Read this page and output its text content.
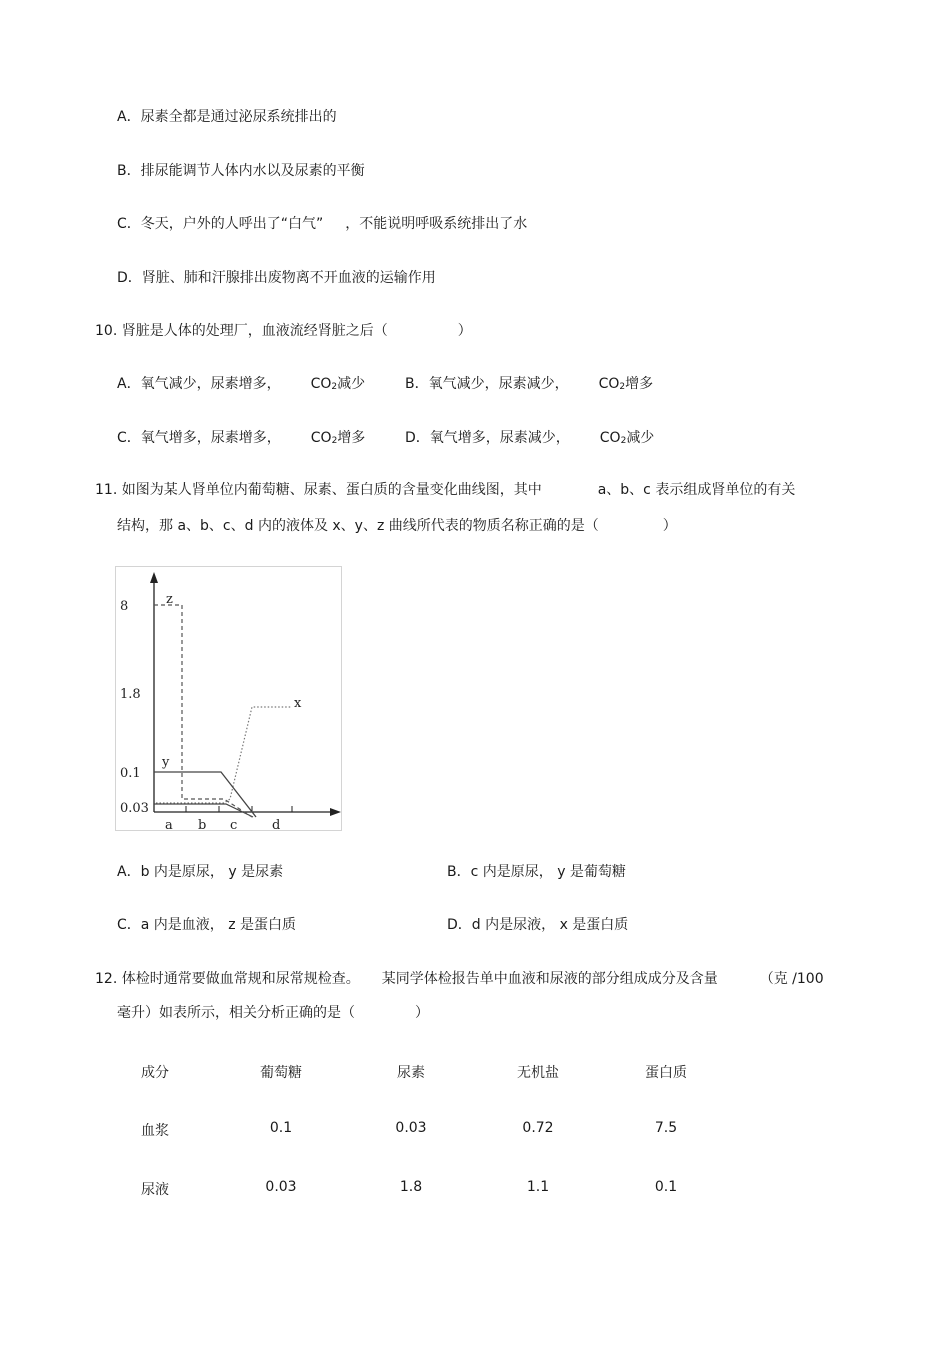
A．尿素全都是通过泌尿系统排出的
B．排尿能调节人体内水以及尿素的平衡
C．冬天，户外的人呼出了“白气” ，不能说明呼吸系统排出了水
D．肾脏、肺和汗腺排出废物离不开血液的运输作用
10. 肾脏是人体的处理厂，血液流经肾脏之后（	）
A．氧气减少，尿素增多， CO2减少	B．氧气减少，尿素减少， CO2增多
C．氧气增多，尿素增多， CO2增多	D．氧气增多，尿素减少， CO2减少
11. 如图为某人肾单位内葡萄糖、尿素、蛋白质的含量变化曲线图，其中	a、b、c 表示组成肾单位的有关
结构，那 a、b、c、d 内的液体及 x、y、z 曲线所代表的物质名称正确的是（	）
8
1.8
0.1
0.03
a b c	d
x
y
z
A．b 内是原尿， y 是尿素	B．c 内是原尿， y 是葡萄糖
C．a 内是血液， z 是蛋白质	D．d 内是尿液， x 是蛋白质
12. 体检时通常要做血常规和尿常规检查。 某同学体检报告单中血液和尿液的部分组成成分及含量	（克 /100
毫升）如表所示，相关分析正确的是（	）
成分	葡萄糖	尿素	无机盐	蛋白质
血浆	0.1	0.03	0.72	7.5
尿液	0.03	1.8	1.1	0.1
